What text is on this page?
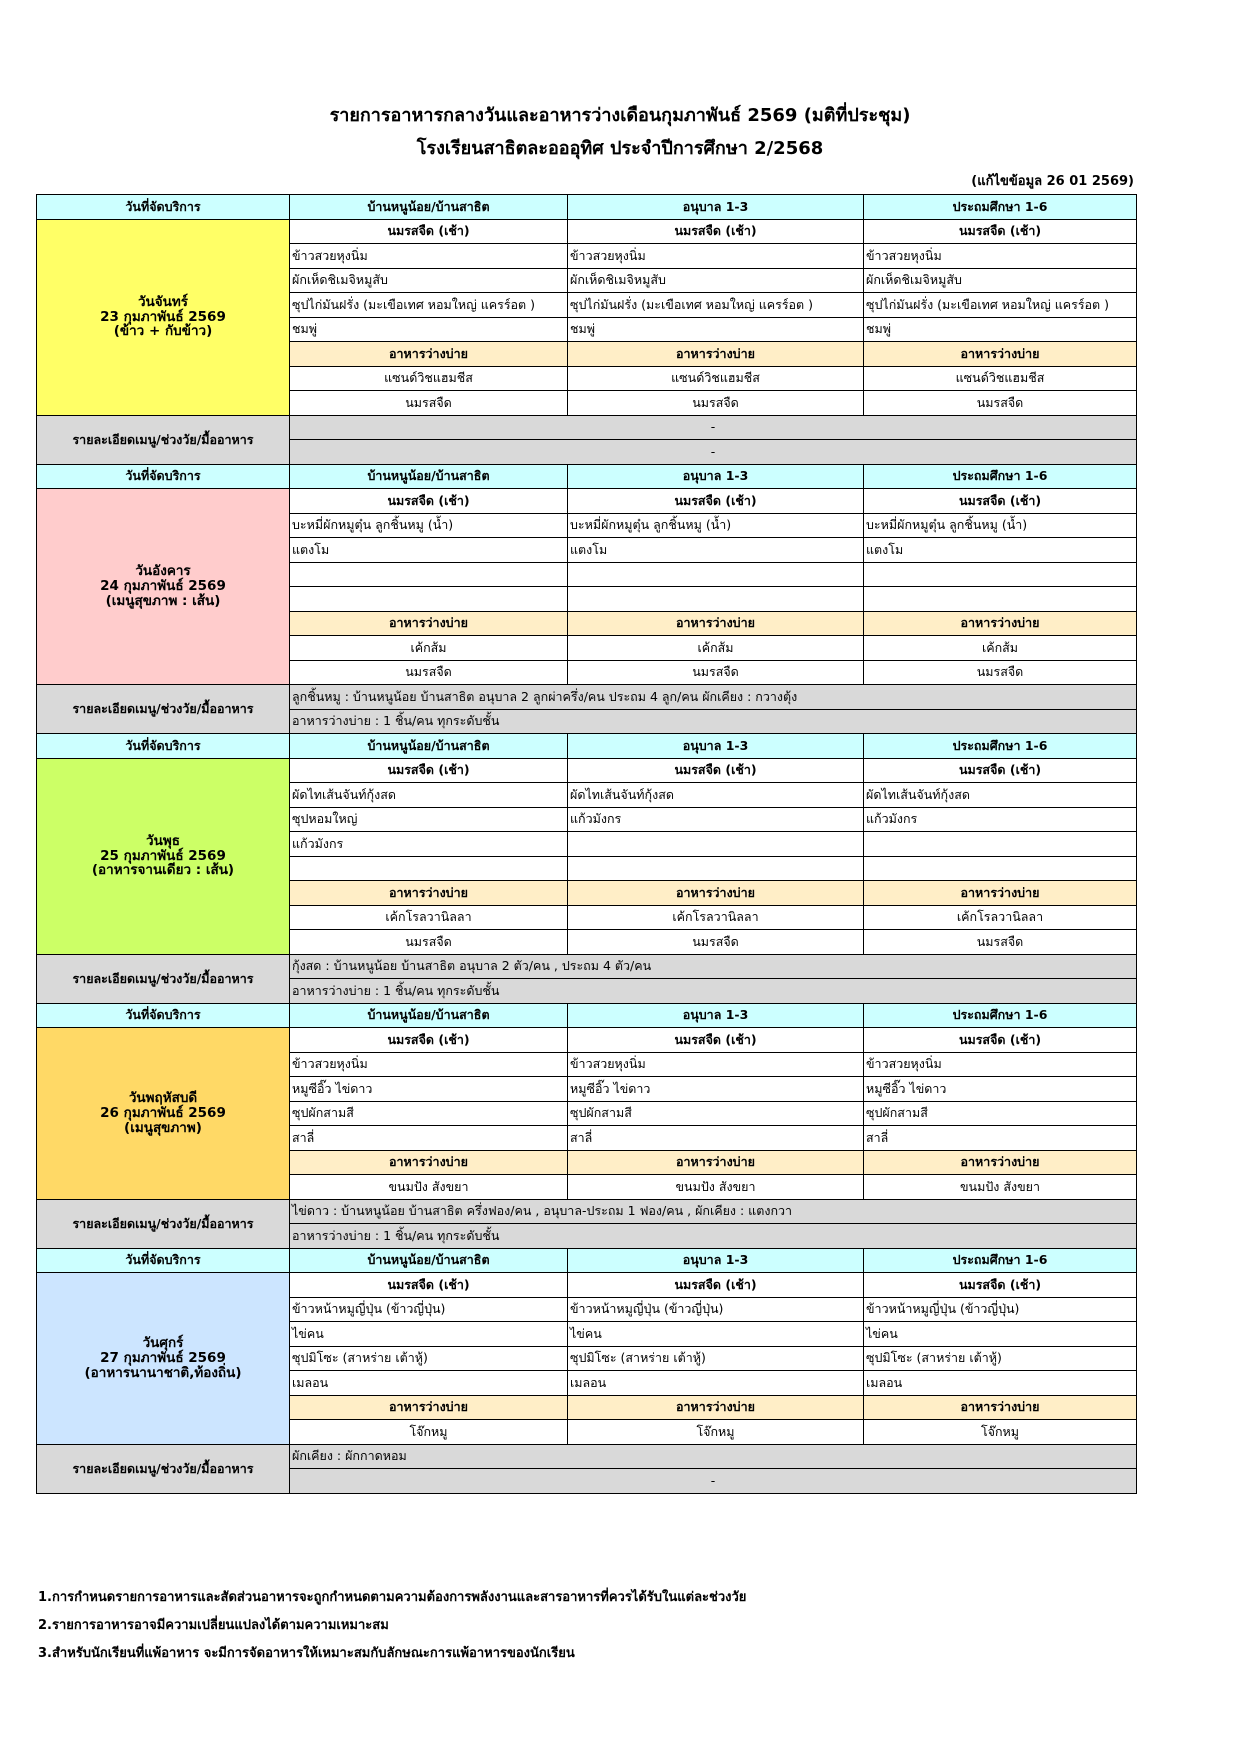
รายการอาหารกลางวันและอาหารว่างเดือนกุมภาพันธ์ 2569 (มติที่ประชุม)
โรงเรียนสาธิตละอออุทิศ ประจำปีการศึกษา 2/2568
(แก้ไขข้อมูล 26 01 2569)
วันที่จัดบริการ	บ้านหนูน้อย/บ้านสาธิต	อนุบาล 1-3	ประถมศึกษา 1-6

วันจันทร์
23 กุมภาพันธ์ 2569
(ข้าว + กับข้าว)	นมรสจืด (เช้า)	นมรสจืด (เช้า)	นมรสจืด (เช้า)
	ข้าวสวยหุงนิ่ม	ข้าวสวยหุงนิ่ม	ข้าวสวยหุงนิ่ม
	ผักเห็ดชิเมจิหมูสับ	ผักเห็ดชิเมจิหมูสับ	ผักเห็ดชิเมจิหมูสับ
	ซุปไก่มันฝรั่ง (มะเขือเทศ หอมใหญ่ แครร์อต )	ซุปไก่มันฝรั่ง (มะเขือเทศ หอมใหญ่ แครร์อต )	ซุปไก่มันฝรั่ง (มะเขือเทศ หอมใหญ่ แครร์อต )
	ชมพู่	ชมพู่	ชมพู่
	อาหารว่างบ่าย	อาหารว่างบ่าย	อาหารว่างบ่าย
	แซนด์วิชแฮมชีส	แซนด์วิชแฮมชีส	แซนด์วิชแฮมชีส
	นมรสจืด	นมรสจืด	นมรสจืด
รายละเอียดเมนู/ช่วงวัย/มื้ออาหาร	-		
	-		
วันที่จัดบริการ	บ้านหนูน้อย/บ้านสาธิต	อนุบาล 1-3	ประถมศึกษา 1-6

วันอังคาร
24 กุมภาพันธ์ 2569
(เมนูสุขภาพ : เส้น)	นมรสจืด (เช้า)	นมรสจืด (เช้า)	นมรสจืด (เช้า)
	บะหมี่ผักหมูตุ๋น ลูกชิ้นหมู (น้ำ)	บะหมี่ผักหมูตุ๋น ลูกชิ้นหมู (น้ำ)	บะหมี่ผักหมูตุ๋น ลูกชิ้นหมู (น้ำ)
	แตงโม	แตงโม	แตงโม

	อาหารว่างบ่าย	อาหารว่างบ่าย	อาหารว่างบ่าย
	เค้กส้ม	เค้กส้ม	เค้กส้ม
	นมรสจืด	นมรสจืด	นมรสจืด
รายละเอียดเมนู/ช่วงวัย/มื้ออาหาร	ลูกชิ้นหมู : บ้านหนูน้อย บ้านสาธิต อนุบาล 2 ลูกผ่าครึ่ง/คน ประถม 4 ลูก/คน ผักเคียง : กวางตุ้ง		
	อาหารว่างบ่าย : 1 ชิ้น/คน ทุกระดับชั้น		
วันที่จัดบริการ	บ้านหนูน้อย/บ้านสาธิต	อนุบาล 1-3	ประถมศึกษา 1-6

วันพุธ
25 กุมภาพันธ์ 2569
(อาหารจานเดียว : เส้น)	นมรสจืด (เช้า)	นมรสจืด (เช้า)	นมรสจืด (เช้า)
	ผัดไทเส้นจันท์กุ้งสด	ผัดไทเส้นจันท์กุ้งสด	ผัดไทเส้นจันท์กุ้งสด
	ซุปหอมใหญ่	แก้วมังกร	แก้วมังกร
	แก้วมังกร		

	อาหารว่างบ่าย	อาหารว่างบ่าย	อาหารว่างบ่าย
	เค้กโรลวานิลลา	เค้กโรลวานิลลา	เค้กโรลวานิลลา
	นมรสจืด	นมรสจืด	นมรสจืด
รายละเอียดเมนู/ช่วงวัย/มื้ออาหาร	กุ้งสด : บ้านหนูน้อย บ้านสาธิต อนุบาล 2 ตัว/คน , ประถม 4 ตัว/คน		
	อาหารว่างบ่าย : 1 ชิ้น/คน ทุกระดับชั้น		
วันที่จัดบริการ	บ้านหนูน้อย/บ้านสาธิต	อนุบาล 1-3	ประถมศึกษา 1-6

วันพฤหัสบดี
26 กุมภาพันธ์ 2569
(เมนูสุขภาพ)	นมรสจืด (เช้า)	นมรสจืด (เช้า)	นมรสจืด (เช้า)
	ข้าวสวยหุงนิ่ม	ข้าวสวยหุงนิ่ม	ข้าวสวยหุงนิ่ม
	หมูซีอิ๊ว ไข่ดาว	หมูซีอิ๊ว ไข่ดาว	หมูซีอิ๊ว ไข่ดาว
	ซุปผักสามสี	ซุปผักสามสี	ซุปผักสามสี
	สาลี่	สาลี่	สาลี่
	อาหารว่างบ่าย	อาหารว่างบ่าย	อาหารว่างบ่าย
	ขนมปัง สังขยา	ขนมปัง สังขยา	ขนมปัง สังขยา
รายละเอียดเมนู/ช่วงวัย/มื้ออาหาร	ไข่ดาว : บ้านหนูน้อย บ้านสาธิต ครึ่งฟอง/คน , อนุบาล-ประถม 1 ฟอง/คน , ผักเคียง : แตงกวา		
	อาหารว่างบ่าย : 1 ชิ้น/คน ทุกระดับชั้น		
วันที่จัดบริการ	บ้านหนูน้อย/บ้านสาธิต	อนุบาล 1-3	ประถมศึกษา 1-6

วันศุกร์
27 กุมภาพันธ์ 2569
(อาหารนานาชาติ,ท้องถิ่น)	นมรสจืด (เช้า)	นมรสจืด (เช้า)	นมรสจืด (เช้า)
	ข้าวหน้าหมูญี่ปุ่น (ข้าวญี่ปุ่น)	ข้าวหน้าหมูญี่ปุ่น (ข้าวญี่ปุ่น)	ข้าวหน้าหมูญี่ปุ่น (ข้าวญี่ปุ่น)
	ไข่คน	ไข่คน	ไข่คน
	ซุปมิโซะ (สาหร่าย เต้าหู้)	ซุปมิโซะ (สาหร่าย เต้าหู้)	ซุปมิโซะ (สาหร่าย เต้าหู้)
	เมลอน	เมลอน	เมลอน
	อาหารว่างบ่าย	อาหารว่างบ่าย	อาหารว่างบ่าย
	โจ๊กหมู	โจ๊กหมู	โจ๊กหมู
รายละเอียดเมนู/ช่วงวัย/มื้ออาหาร	ผักเคียง : ผักกาดหอม		
	-		
1.การกำหนดรายการอาหารและสัดส่วนอาหารจะถูกกำหนดตามความต้องการพลังงานและสารอาหารที่ควรได้รับในแต่ละช่วงวัย
2.รายการอาหารอาจมีความเปลี่ยนแปลงได้ตามความเหมาะสม
3.สำหรับนักเรียนที่แพ้อาหาร จะมีการจัดอาหารให้เหมาะสมกับลักษณะการแพ้อาหารของนักเรียน
